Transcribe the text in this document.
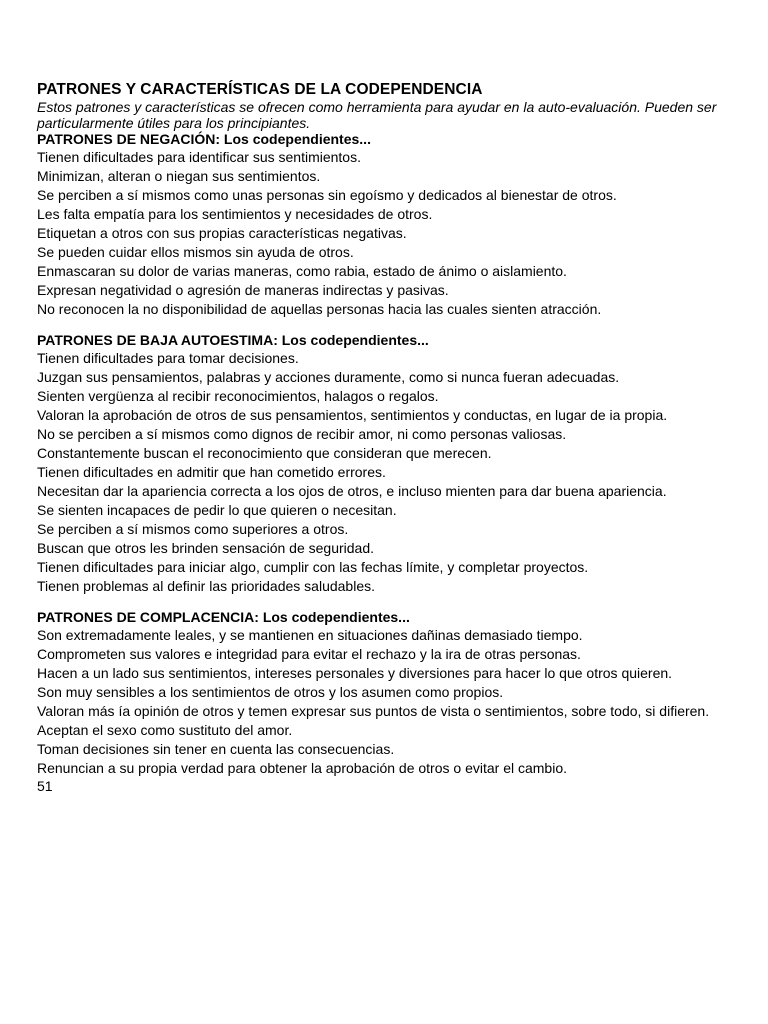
PATRONES Y CARACTERÍSTICAS DE LA CODEPENDENCIA

Estos patrones y características se ofrecen como herramienta para ayudar en la auto-evaluación. Pueden ser particularmente útiles para los principiantes.

PATRONES DE NEGACIÓN: Los codependientes...
Tienen dificultades para identificar sus sentimientos.
Minimizan, alteran o niegan sus sentimientos.
Se perciben a sí mismos como unas personas sin egoísmo y dedicados al bienestar de otros.
Les falta empatía para los sentimientos y necesidades de otros.
Etiquetan a otros con sus propias características negativas.
Se pueden cuidar ellos mismos sin ayuda de otros.
Enmascaran su dolor de varias maneras, como rabia, estado de ánimo o aislamiento.
Expresan negatividad o agresión de maneras indirectas y pasivas.
No reconocen la no disponibilidad de aquellas personas hacia las cuales sienten atracción.
PATRONES DE BAJA AUTOESTIMA: Los codependientes...
Tienen dificultades para tomar decisiones.
Juzgan sus pensamientos, palabras y acciones duramente, como si nunca fueran adecuadas.
Sienten vergüenza al recibir reconocimientos, halagos o regalos.
Valoran la aprobación de otros de sus pensamientos, sentimientos y conductas, en lugar de ia propia.
No se perciben a sí mismos como dignos de recibir amor, ni como personas valiosas.
Constantemente buscan el reconocimiento que consideran que merecen.
Tienen dificultades en admitir que han cometido errores.
Necesitan dar la apariencia correcta a los ojos de otros, e incluso mienten para dar buena apariencia.
Se sienten incapaces de pedir lo que quieren o necesitan.
Se perciben a sí mismos como superiores a otros.
Buscan que otros les brinden sensación de seguridad.
Tienen dificultades para iniciar algo, cumplir con las fechas límite, y completar proyectos.
Tienen problemas al definir las prioridades saludables.
PATRONES DE COMPLACENCIA: Los codependientes...
Son extremadamente leales, y se mantienen en situaciones dañinas demasiado tiempo.
Comprometen sus valores e integridad para evitar el rechazo y la ira de otras personas.
Hacen a un lado sus sentimientos, intereses personales y diversiones para hacer lo que otros quieren.
Son muy sensibles a los sentimientos de otros y los asumen como propios.
Valoran más ía opinión de otros y temen expresar sus puntos de vista o sentimientos, sobre todo, si difieren.
Aceptan el sexo como sustituto del amor.
Toman decisiones sin tener en cuenta las consecuencias.
Renuncian a su propia verdad para obtener la aprobación de otros o evitar el cambio.
51
